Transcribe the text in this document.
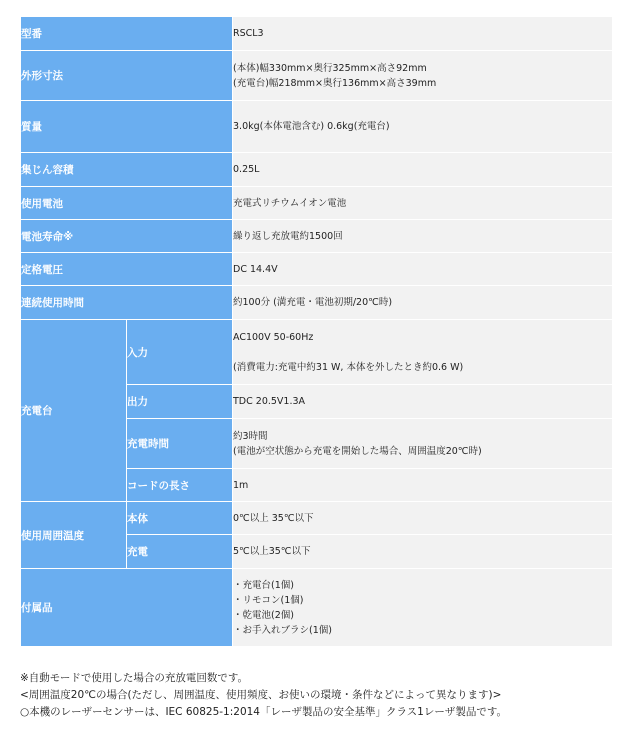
型番		RSCL3
外形寸法		(本体)幅330mm×奥行325mm×高さ92mm
(充電台)幅218mm×奥行136mm×高さ39mm

質量		3.0kg(本体電池含む) 0.6kg(充電台)
集じん容積		0.25L
使用電池		充電式リチウムイオン電池
電池寿命※		繰り返し充放電約1500回
定格電圧		DC 14.4V
連続使用時間		約100分 (満充電・電池初期/20℃時)
充電台	入力	AC100V 50-60Hz
(消費電力:充電中約31 W, 本体を外したとき約0.6 W)

	出力	TDC 20.5V1.3A
	充電時間	約3時間
(電池が空状態から充電を開始した場合、周囲温度20℃時)

	コードの長さ	1m
使用周囲温度	本体	0℃以上 35℃以下
	充電	5℃以上35℃以下
付属品		・充電台(1個)
・リモコン(1個)
・乾電池(2個)
・お手入れブラシ(1個)
※自動モードで使用した場合の充放電回数です。
<周囲温度20℃の場合(ただし、周囲温度、使用頻度、お使いの環境・条件などによって異なります)>
○本機のレーザーセンサーは、IEC 60825-1:2014「レーザ製品の安全基準」クラス1レーザ製品です。
